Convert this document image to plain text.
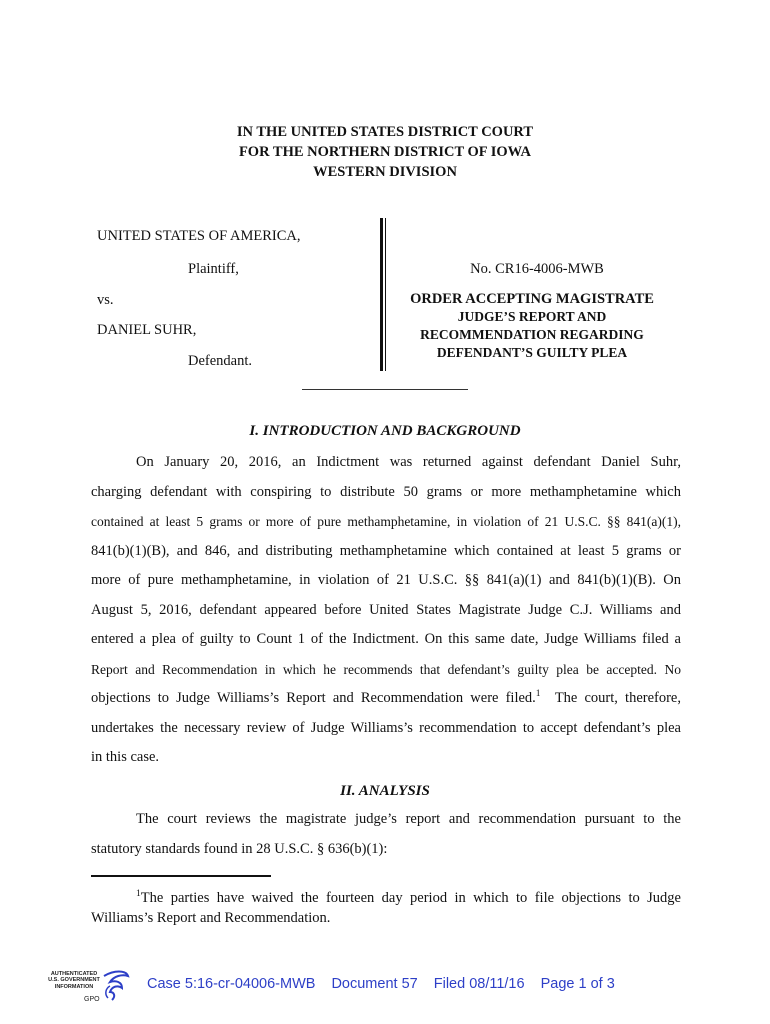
IN THE UNITED STATES DISTRICT COURT
FOR THE NORTHERN DISTRICT OF IOWA
WESTERN DIVISION
UNITED STATES OF AMERICA,
Plaintiff,
vs.
DANIEL SUHR,
Defendant.
No. CR16-4006-MWB
ORDER ACCEPTING MAGISTRATE
JUDGE’S REPORT AND
RECOMMENDATION REGARDING
DEFENDANT’S GUILTY PLEA
I. INTRODUCTION AND BACKGROUND
On January 20, 2016, an Indictment was returned against defendant Daniel Suhr,
charging defendant with conspiring to distribute 50 grams or more methamphetamine which
contained at least 5 grams or more of pure methamphetamine, in violation of 21 U.S.C. §§ 841(a)(1),
841(b)(1)(B), and 846, and distributing methamphetamine which contained at least 5 grams or
more of pure methamphetamine, in violation of 21 U.S.C. §§ 841(a)(1) and 841(b)(1)(B). On
August 5, 2016, defendant appeared before United States Magistrate Judge C.J. Williams and
entered a plea of guilty to Count 1 of the Indictment. On this same date, Judge Williams filed a
Report and Recommendation in which he recommends that defendant’s guilty plea be accepted. No
objections to Judge Williams’s Report and Recommendation were filed.$^1$ The court, therefore,
undertakes the necessary review of Judge Williams’s recommendation to accept defendant’s plea
in this case.
II. ANALYSIS
The court reviews the magistrate judge’s report and recommendation pursuant to the
statutory standards found in 28 U.S.C. § 636(b)(1):
$^1$The parties have waived the fourteen day period in which to file objections to Judge
Williams’s Report and Recommendation.
AUTHENTICATED
U.S. GOVERNMENT
INFORMATION
GPO
Case 5:16-cr-04006-MWB Document 57 Filed 08/11/16 Page 1 of 3
